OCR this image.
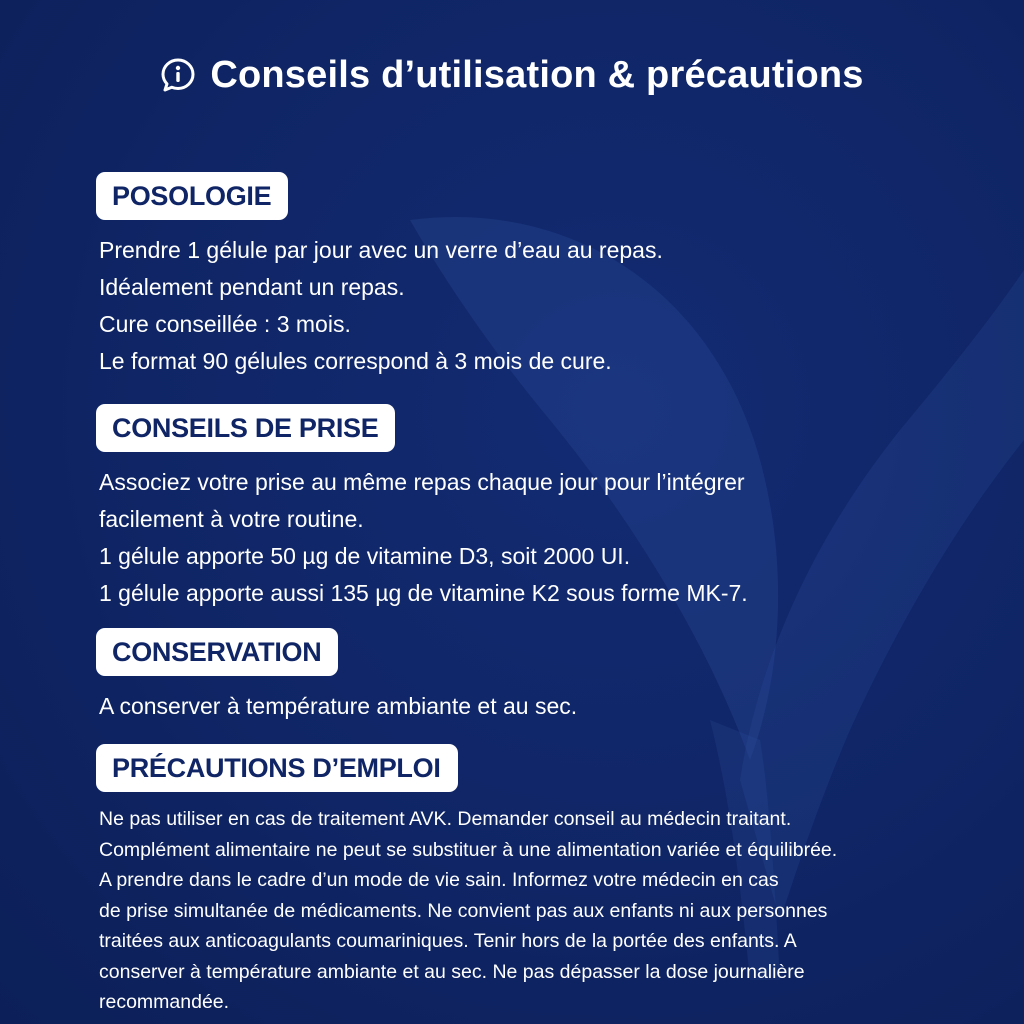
Conseils d’utilisation & précautions
POSOLOGIE
Prendre 1 gélule par jour avec un verre d’eau au repas.
Idéalement pendant un repas.
Cure conseillée : 3 mois.
Le format 90 gélules correspond à 3 mois de cure.
CONSEILS DE PRISE
Associez votre prise au même repas chaque jour pour l’intégrer
facilement à votre routine.
1 gélule apporte 50 µg de vitamine D3, soit 2000 UI.
1 gélule apporte aussi 135 µg de vitamine K2 sous forme MK-7.
CONSERVATION
A conserver à température ambiante et au sec.
PRÉCAUTIONS D’EMPLOI
Ne pas utiliser en cas de traitement AVK. Demander conseil au médecin traitant.
Complément alimentaire ne peut se substituer à une alimentation variée et équilibrée.
A prendre dans le cadre d’un mode de vie sain. Informez votre médecin en cas
de prise simultanée de médicaments. Ne convient pas aux enfants ni aux personnes
traitées aux anticoagulants coumariniques. Tenir hors de la portée des enfants. A
conserver à température ambiante et au sec. Ne pas dépasser la dose journalière
recommandée.
